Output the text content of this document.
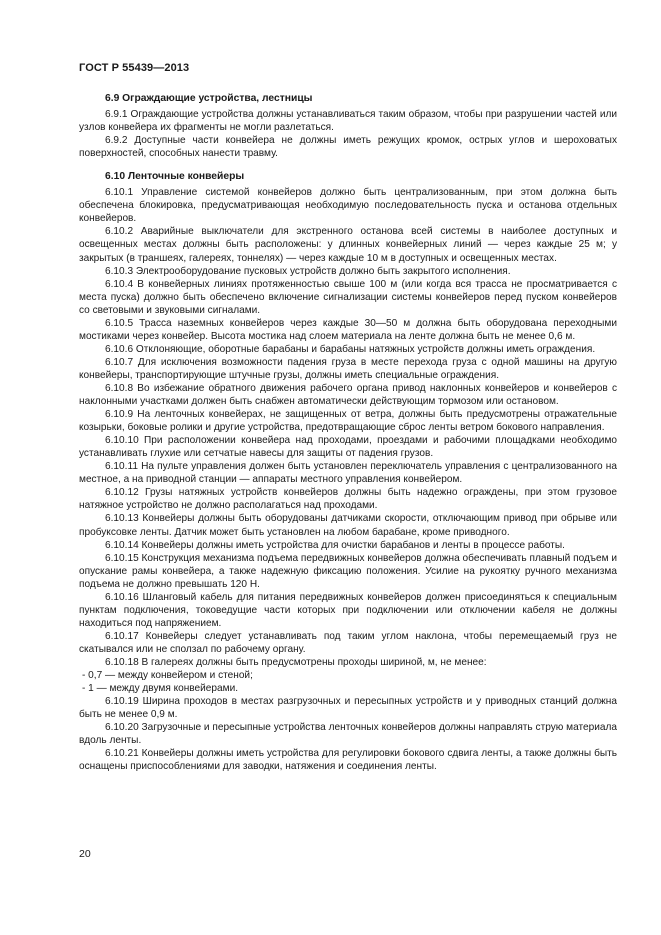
ГОСТ Р 55439—2013
6.9 Ограждающие устройства, лестницы

6.9.1 Ограждающие устройства должны устанавливаться таким образом, чтобы при разрушении частей или узлов конвейера их фрагменты не могли разлетаться.

6.9.2 Доступные части конвейера не должны иметь режущих кромок, острых углов и шероховатых поверхностей, способных нанести травму.

6.10 Ленточные конвейеры

6.10.1 Управление системой конвейеров должно быть централизованным, при этом должна быть обеспечена блокировка, предусматривающая необходимую последовательность пуска и останова отдельных конвейеров.

6.10.2 Аварийные выключатели для экстренного останова всей системы в наиболее доступных и освещенных местах должны быть расположены: у длинных конвейерных линий — через каждые 25 м; у закрытых (в траншеях, галереях, тоннелях) — через каждые 10 м в доступных и освещенных местах.

6.10.3 Электрооборудование пусковых устройств должно быть закрытого исполнения.

6.10.4 В конвейерных линиях протяженностью свыше 100 м (или когда вся трасса не просматривается с места пуска) должно быть обеспечено включение сигнализации системы конвейеров перед пуском конвейеров со световыми и звуковыми сигналами.

6.10.5 Трасса наземных конвейеров через каждые 30—50 м должна быть оборудована переходными мостиками через конвейер. Высота мостика над слоем материала на ленте должна быть не менее 0,6 м.

6.10.6 Отклоняющие, оборотные барабаны и барабаны натяжных устройств должны иметь ограждения.

6.10.7 Для исключения возможности падения груза в месте перехода груза с одной машины на другую конвейеры, транспортирующие штучные грузы, должны иметь специальные ограждения.

6.10.8 Во избежание обратного движения рабочего органа привод наклонных конвейеров и конвейеров с наклонными участками должен быть снабжен автоматически действующим тормозом или остановом.

6.10.9 На ленточных конвейерах, не защищенных от ветра, должны быть предусмотрены отражательные козырьки, боковые ролики и другие устройства, предотвращающие сброс ленты ветром бокового направления.

6.10.10 При расположении конвейера над проходами, проездами и рабочими площадками необходимо устанавливать глухие или сетчатые навесы для защиты от падения грузов.

6.10.11 На пульте управления должен быть установлен переключатель управления с централизованного на местное, а на приводной станции — аппараты местного управления конвейером.

6.10.12 Грузы натяжных устройств конвейеров должны быть надежно ограждены, при этом грузовое натяжное устройство не должно располагаться над проходами.

6.10.13 Конвейеры должны быть оборудованы датчиками скорости, отключающим привод при обрыве или пробуксовке ленты. Датчик может быть установлен на любом барабане, кроме приводного.

6.10.14 Конвейеры должны иметь устройства для очистки барабанов и ленты в процессе работы.

6.10.15 Конструкция механизма подъема передвижных конвейеров должна обеспечивать плавный подъем и опускание рамы конвейера, а также надежную фиксацию положения. Усилие на рукоятку ручного механизма подъема не должно превышать 120 Н.

6.10.16 Шланговый кабель для питания передвижных конвейеров должен присоединяться к специальным пунктам подключения, токоведущие части которых при подключении или отключении кабеля не должны находиться под напряжением.

6.10.17 Конвейеры следует устанавливать под таким углом наклона, чтобы перемещаемый груз не скатывался или не сползал по рабочему органу.

6.10.18 В галереях должны быть предусмотрены проходы шириной, м, не менее:

- 0,7 — между конвейером и стеной;

- 1 — между двумя конвейерами.

6.10.19 Ширина проходов в местах разгрузочных и пересыпных устройств и у приводных станций должна быть не менее 0,9 м.

6.10.20 Загрузочные и пересыпные устройства ленточных конвейеров должны направлять струю материала вдоль ленты.

6.10.21 Конвейеры должны иметь устройства для регулировки бокового сдвига ленты, а также должны быть оснащены приспособлениями для заводки, натяжения и соединения ленты.

20
